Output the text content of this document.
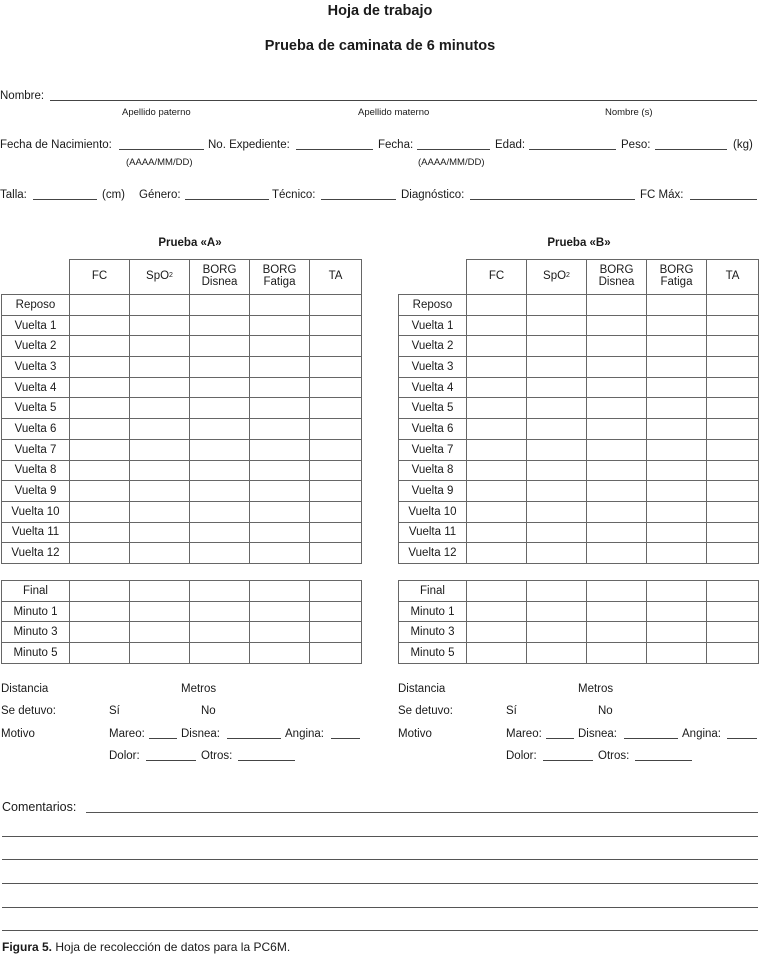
Hoja de trabajo
Prueba de caminata de 6 minutos
Nombre:
Apellido paterno	Apellido materno	Nombre (s)
Fecha de Nacimiento:
(AAAA/MM/DD)
No. Expediente:	Fecha:
(AAAA/MM/DD)
Edad:	Peso:	(kg)
Talla:	(cm) Género:	Técnico:	Diagnóstico:	FC Máx:
Prueba «A»

	FC	SpO 2	BORG Disnea	BORG Fatiga	TA

Reposo					
Vuelta 1					
Vuelta 2					
Vuelta 3					
Vuelta 4					
Vuelta 5					
Vuelta 6					
Vuelta 7					
Vuelta 8					
Vuelta 9					
Vuelta 10					
Vuelta 11					
Vuelta 12					
Final					
Minuto 1					
Minuto 3					
Minuto 5					
Distancia	Metros
Se detuvo:	Sí	No
Motivo	Mareo:	Disnea:	Angina:
Dolor:	Otros:
Prueba «B»

	FC	SpO 2	BORG Disnea	BORG Fatiga	TA

Reposo					
Vuelta 1					
Vuelta 2					
Vuelta 3					
Vuelta 4					
Vuelta 5					
Vuelta 6					
Vuelta 7					
Vuelta 8					
Vuelta 9					
Vuelta 10					
Vuelta 11					
Vuelta 12					
Final					
Minuto 1					
Minuto 3					
Minuto 5					
Distancia	Metros
Se detuvo:	Sí	No
Motivo	Mareo:	Disnea:	Angina:
Dolor:	Otros:
Comentarios:
Figura 5. Hoja de recolección de datos para la PC6M.
